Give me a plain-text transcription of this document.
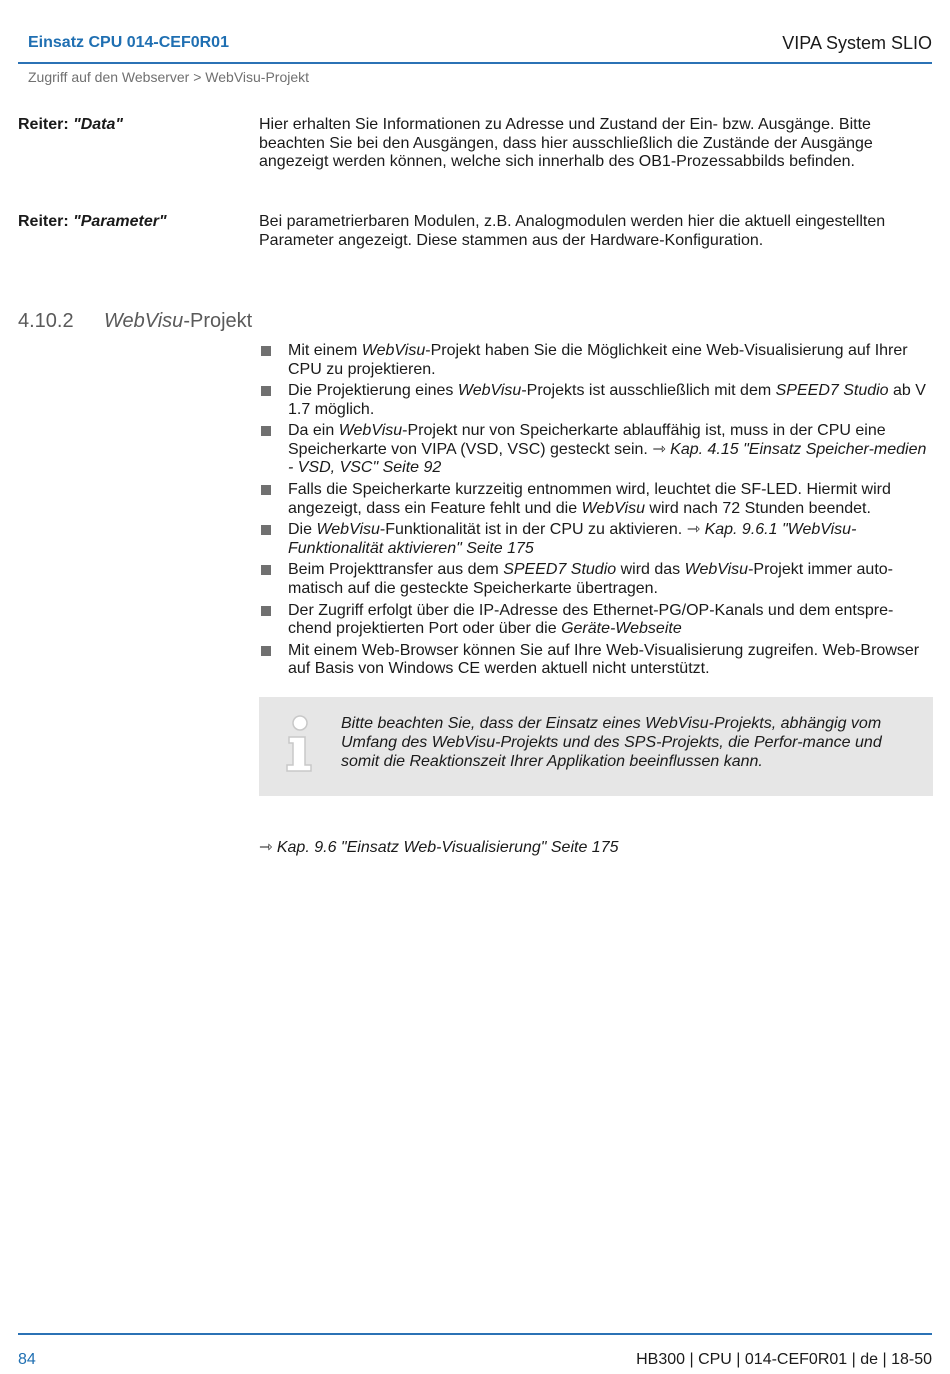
Einsatz CPU 014-CEF0R01	VIPA System SLIO
Zugriff auf den Webserver > WebVisu-Projekt
Reiter: "Data"	Hier erhalten Sie Informationen zu Adresse und Zustand der Ein- bzw. Ausgänge. Bitte beachten Sie bei den Ausgängen, dass hier ausschließlich die Zustände der Ausgänge angezeigt werden können, welche sich innerhalb des OB1-Prozessabbilds befinden.
Reiter: "Parameter"	Bei parametrierbaren Modulen, z.B. Analogmodulen werden hier die aktuell eingestellten Parameter angezeigt. Diese stammen aus der Hardware-Konfiguration.
4.10.2 WebVisu-Projekt
Mit einem WebVisu-Projekt haben Sie die Möglichkeit eine Web-Visualisierung auf Ihrer CPU zu projektieren.
Die Projektierung eines WebVisu-Projekts ist ausschließlich mit dem SPEED7 Studio ab V 1.7 möglich.
Da ein WebVisu-Projekt nur von Speicherkarte ablauffähig ist, muss in der CPU eine Speicherkarte von VIPA (VSD, VSC) gesteckt sein. ⇾ Kap. 4.15 "Einsatz Speicher-medien - VSD, VSC" Seite 92
Falls die Speicherkarte kurzzeitig entnommen wird, leuchtet die SF-LED. Hiermit wird angezeigt, dass ein Feature fehlt und die WebVisu wird nach 72 Stunden beendet.
Die WebVisu-Funktionalität ist in der CPU zu aktivieren. ⇾ Kap. 9.6.1 "WebVisu-Funktionalität aktivieren" Seite 175
Beim Projekttransfer aus dem SPEED7 Studio wird das WebVisu-Projekt immer auto-matisch auf die gesteckte Speicherkarte übertragen.
Der Zugriff erfolgt über die IP-Adresse des Ethernet-PG/OP-Kanals und dem entspre-chend projektierten Port oder über die Geräte-Webseite
Mit einem Web-Browser können Sie auf Ihre Web-Visualisierung zugreifen. Web-Browser auf Basis von Windows CE werden aktuell nicht unterstützt.
Bitte beachten Sie, dass der Einsatz eines WebVisu-Projekts, abhängig vom Umfang des WebVisu-Projekts und des SPS-Projekts, die Perfor-mance und somit die Reaktionszeit Ihrer Applikation beeinflussen kann.
⇾ Kap. 9.6 "Einsatz Web-Visualisierung" Seite 175
84	HB300 | CPU | 014-CEF0R01 | de | 18-50
